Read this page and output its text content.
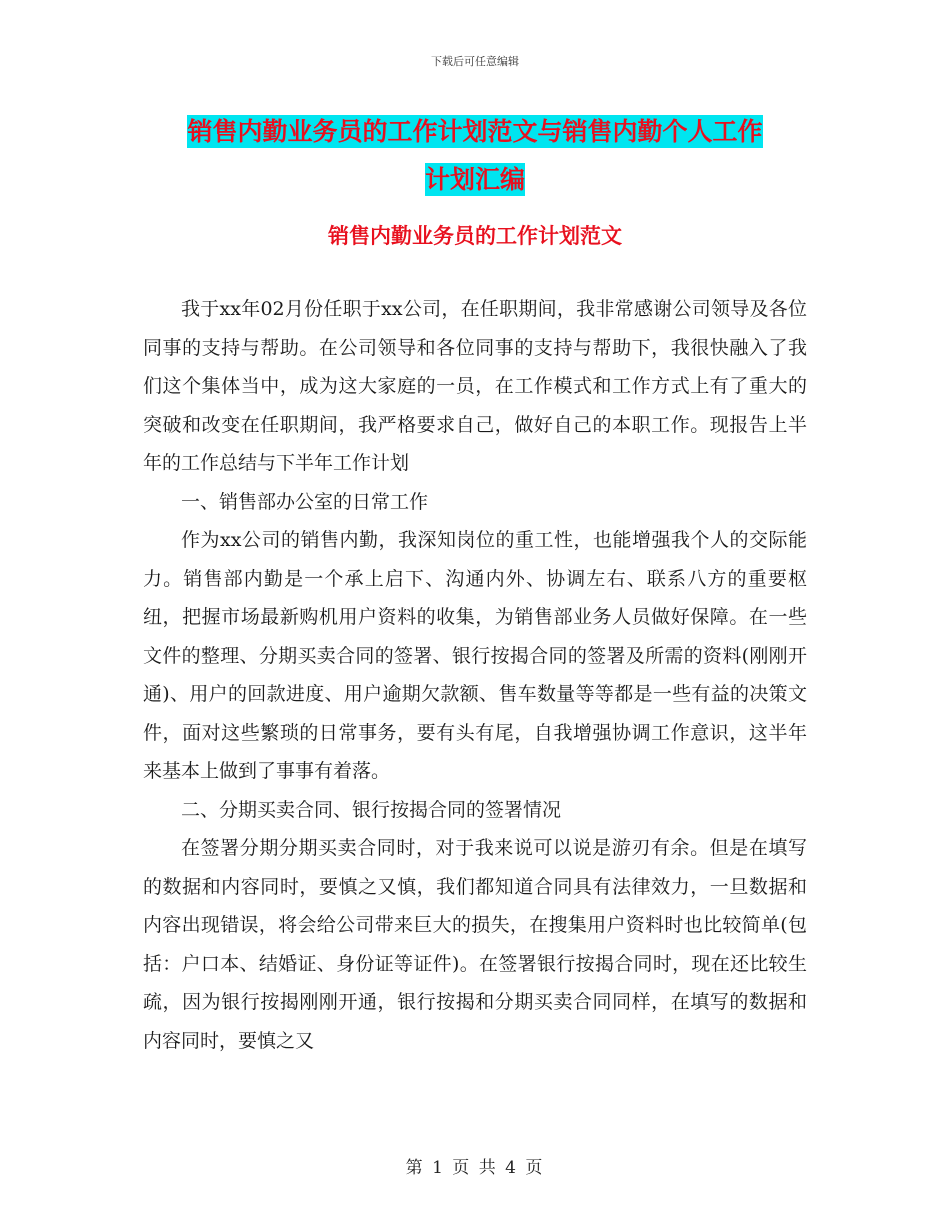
下载后可任意编辑
销售内勤业务员的工作计划范文与销售内勤个人工作
计划汇编
销售内勤业务员的工作计划范文

我于xx年02月份任职于xx公司，在任职期间，我非常感谢公司领导及各位同事的支持与帮助。在公司领导和各位同事的支持与帮助下，我很快融入了我们这个集体当中，成为这大家庭的一员，在工作模式和工作方式上有了重大的突破和改变在任职期间，我严格要求自己，做好自己的本职工作。现报告上半年的工作总结与下半年工作计划

一、销售部办公室的日常工作

作为xx公司的销售内勤，我深知岗位的重工性，也能增强我个人的交际能力。销售部内勤是一个承上启下、沟通内外、协调左右、联系八方的重要枢纽，把握市场最新购机用户资料的收集，为销售部业务人员做好保障。在一些文件的整理、分期买卖合同的签署、银行按揭合同的签署及所需的资料(刚刚开通)、用户的回款进度、用户逾期欠款额、售车数量等等都是一些有益的决策文件，面对这些繁琐的日常事务，要有头有尾，自我增强协调工作意识，这半年来基本上做到了事事有着落。

二、分期买卖合同、银行按揭合同的签署情况

在签署分期分期买卖合同时，对于我来说可以说是游刃有余。但是在填写的数据和内容同时，要慎之又慎，我们都知道合同具有法律效力，一旦数据和内容出现错误，将会给公司带来巨大的损失，在搜集用户资料时也比较简单(包括：户口本、结婚证、身份证等证件)。在签署银行按揭合同时，现在还比较生疏，因为银行按揭刚刚开通，银行按揭和分期买卖合同同样，在填写的数据和内容同时，要慎之又

第 1 页 共 4 页
